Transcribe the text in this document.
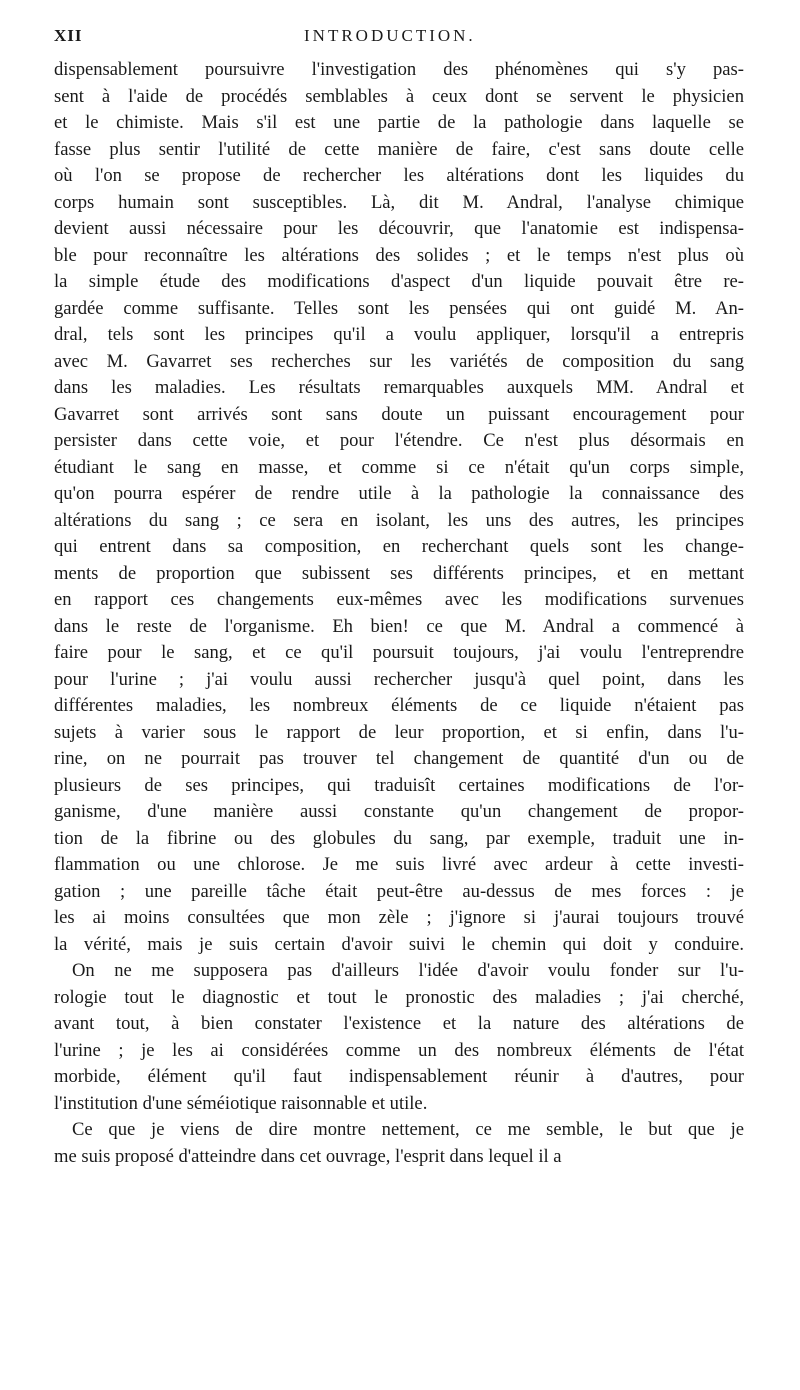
XII	INTRODUCTION.
dispensablement poursuivre l'investigation des phénomènes qui s'y pas-
sent à l'aide de procédés semblables à ceux dont se servent le physicien
et le chimiste. Mais s'il est une partie de la pathologie dans laquelle se
fasse plus sentir l'utilité de cette manière de faire, c'est sans doute celle
où l'on se propose de rechercher les altérations dont les liquides du
corps humain sont susceptibles. Là, dit M. Andral, l'analyse chimique
devient aussi nécessaire pour les découvrir, que l'anatomie est indispensa-
ble pour reconnaître les altérations des solides ; et le temps n'est plus où
la simple étude des modifications d'aspect d'un liquide pouvait être re-
gardée comme suffisante. Telles sont les pensées qui ont guidé M. An-
dral, tels sont les principes qu'il a voulu appliquer, lorsqu'il a entrepris
avec M. Gavarret ses recherches sur les variétés de composition du sang
dans les maladies. Les résultats remarquables auxquels MM. Andral et
Gavarret sont arrivés sont sans doute un puissant encouragement pour
persister dans cette voie, et pour l'étendre. Ce n'est plus désormais en
étudiant le sang en masse, et comme si ce n'était qu'un corps simple,
qu'on pourra espérer de rendre utile à la pathologie la connaissance des
altérations du sang ; ce sera en isolant, les uns des autres, les principes
qui entrent dans sa composition, en recherchant quels sont les change-
ments de proportion que subissent ses différents principes, et en mettant
en rapport ces changements eux-mêmes avec les modifications survenues
dans le reste de l'organisme. Eh bien! ce que M. Andral a commencé à
faire pour le sang, et ce qu'il poursuit toujours, j'ai voulu l'entreprendre
pour l'urine ; j'ai voulu aussi rechercher jusqu'à quel point, dans les
différentes maladies, les nombreux éléments de ce liquide n'étaient pas
sujets à varier sous le rapport de leur proportion, et si enfin, dans l'u-
rine, on ne pourrait pas trouver tel changement de quantité d'un ou de
plusieurs de ses principes, qui traduisît certaines modifications de l'or-
ganisme, d'une manière aussi constante qu'un changement de propor-
tion de la fibrine ou des globules du sang, par exemple, traduit une in-
flammation ou une chlorose. Je me suis livré avec ardeur à cette investi-
gation ; une pareille tâche était peut-être au-dessus de mes forces : je
les ai moins consultées que mon zèle ; j'ignore si j'aurai toujours trouvé
la vérité, mais je suis certain d'avoir suivi le chemin qui doit y conduire.
On ne me supposera pas d'ailleurs l'idée d'avoir voulu fonder sur l'u-
rologie tout le diagnostic et tout le pronostic des maladies ; j'ai cherché,
avant tout, à bien constater l'existence et la nature des altérations de
l'urine ; je les ai considérées comme un des nombreux éléments de l'état
morbide, élément qu'il faut indispensablement réunir à d'autres, pour
l'institution d'une séméiotique raisonnable et utile.
Ce que je viens de dire montre nettement, ce me semble, le but que je
me suis proposé d'atteindre dans cet ouvrage, l'esprit dans lequel il a
